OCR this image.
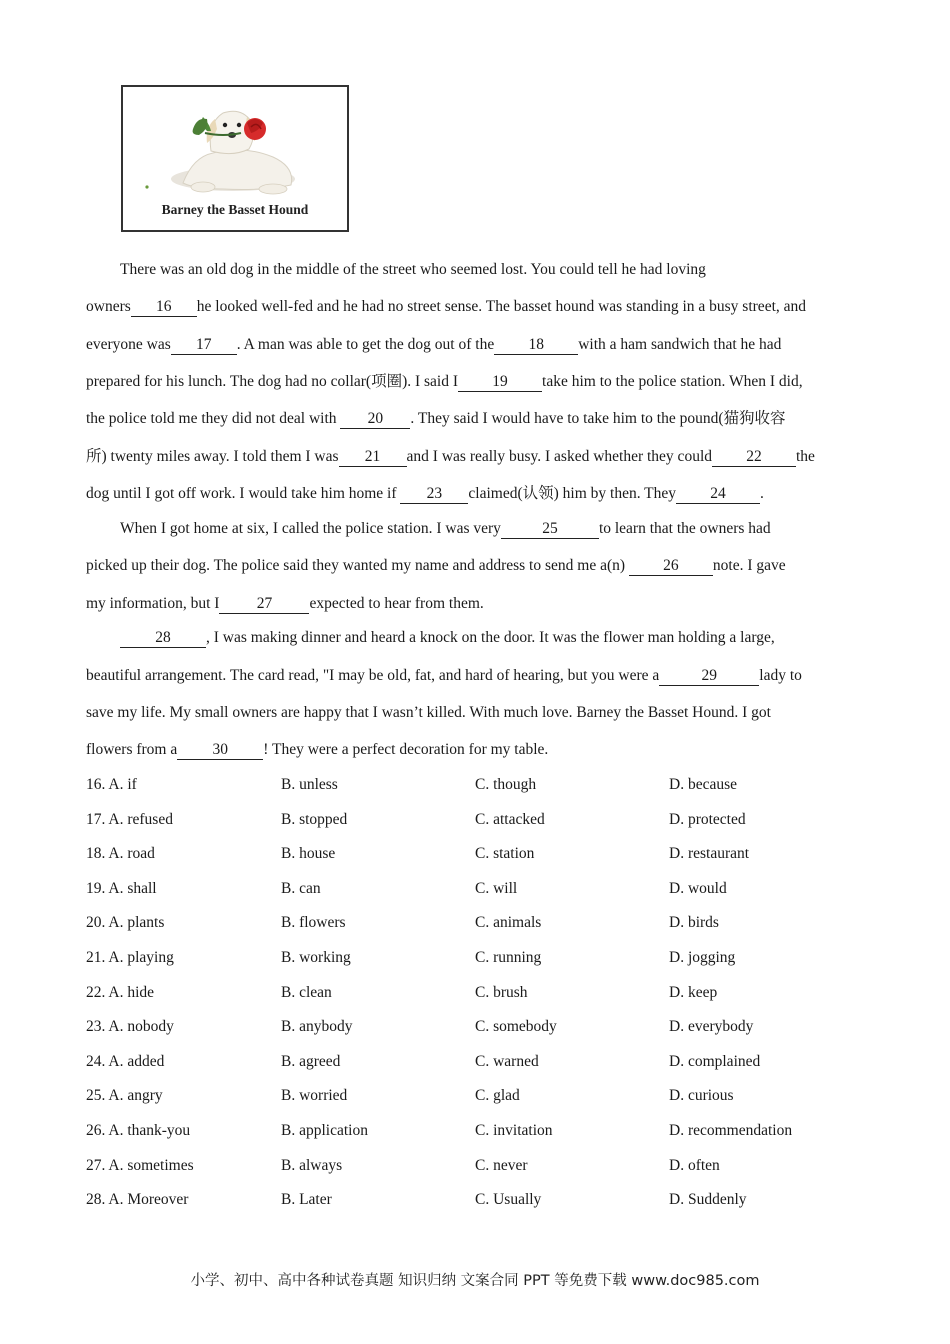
Barney the Basset Hound
There was an old dog in the middle of the street who seemed lost. You could tell he had loving
owners 16 he looked well-fed and he had no street sense. The basset hound was standing in a busy street, and
everyone was 17 . A man was able to get the dog out of the 18 with a ham sandwich that he had
prepared for his lunch. The dog had no collar(项圈). I said I 19 take him to the police station. When I did,
the police told me they did not deal with 20 . They said I would have to take him to the pound(猫狗收容
所) twenty miles away. I told them I was 21 and I was really busy. I asked whether they could 22 the
dog until I got off work. I would take him home if 23 claimed(认领) him by then. They 24 .
When I got home at six, I called the police station. I was very	25	to learn that the owners had
picked up their dog. The police said they wanted my name and address to send me a(n) 26 note. I gave
my information, but I 27 expected to hear from them.
28 , I was making dinner and heard a knock on the door. It was the flower man holding a large,
beautiful arrangement. The card read, "I may be old, fat, and hard of hearing, but you were a	29	lady to
save my life. My small owners are happy that I wasn’t killed. With much love. Barney the Basset Hound. I got
flowers from a 30 ! They were a perfect decoration for my table.
16. A. if	B. unless	C. though	D. because
17. A. refused	B. stopped	C. attacked	D. protected
18. A. road	B. house	C. station	D. restaurant
19. A. shall	B. can	C. will	D. would
20. A. plants	B. flowers	C. animals	D. birds
21. A. playing	B. working	C. running	D. jogging
22. A. hide	B. clean	C. brush	D. keep
23. A. nobody	B. anybody	C. somebody	D. everybody
24. A. added	B. agreed	C. warned	D. complained
25. A. angry	B. worried	C. glad	D. curious
26. A. thank-you	B. application	C. invitation	D. recommendation
27. A. sometimes	B. always	C. never	D. often
28. A. Moreover	B. Later	C. Usually	D. Suddenly
小学、初中、高中各种试卷真题 知识归纳 文案合同 PPT 等免费下载 www.doc985.com
